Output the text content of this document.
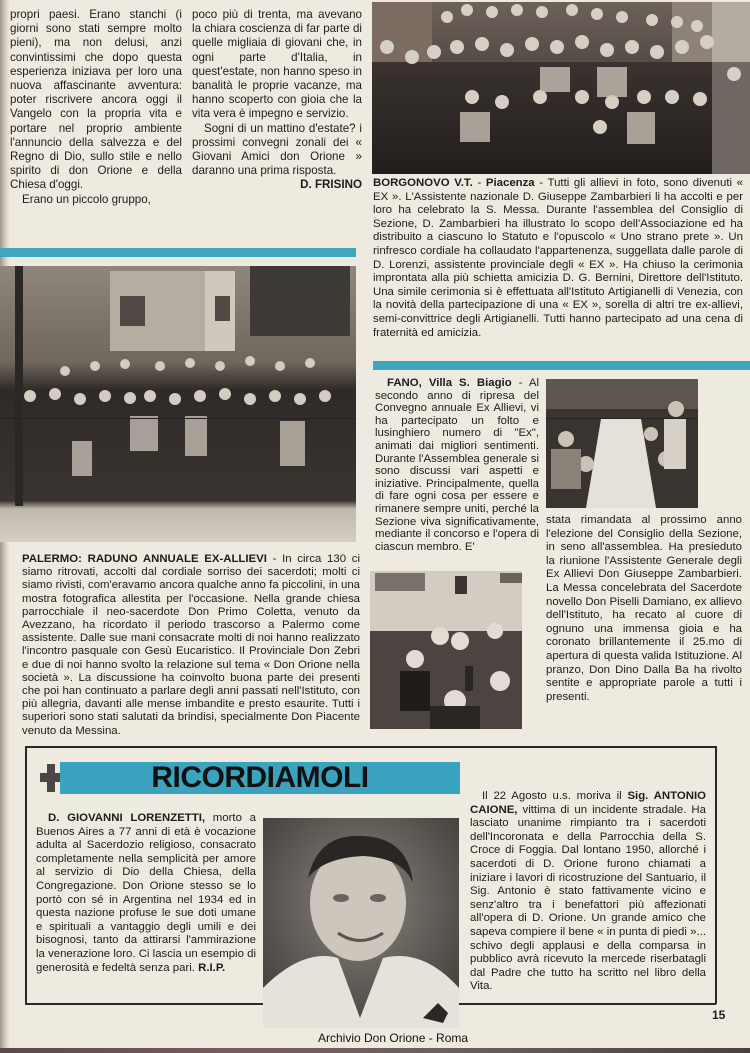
propri paesi. Erano stanchi (i giorni sono stati sempre molto pieni), ma non delusi, anzi convintissimi che dopo questa esperienza iniziava per loro una nuova affascinante avventura: poter riscrivere ancora oggi il Vangelo con la propria vita e portare nel proprio ambiente l'annuncio della salvezza e del Regno di Dio, sullo stile e nello spirito di don Orione e della Chiesa d'oggi.

Erano un piccolo gruppo,

poco più di trenta, ma avevano la chiara coscienza di far parte di quelle migliaia di giovani che, in ogni parte d'Italia, in quest'estate, non hanno speso in banalità le proprie vacanze, ma hanno scoperto con gioia che la vita vera è impegno e servizio.

Sogni di un mattino d'estate? i prossimi convegni zonali dei « Giovani Amici don Orione » daranno una prima risposta.

D. FRISINO BORGONOVO V.T. - Piacenza - Tutti gli allievi in foto, sono divenuti « EX ». L'Assistente nazionale D. Giuseppe Zambarbieri li ha accolti e per loro ha celebrato la S. Messa. Durante l'assemblea del Consiglio di Sezione, D. Zambarbieri ha illustrato lo scopo dell'Associazione ed ha distribuito a ciascuno lo Statuto e l'opuscolo « Uno strano prete ». Un rinfresco cordiale ha collaudato l'appartenenza, suggellata dalle parole di D. Lorenzi, assistente provinciale degli « EX ». Ha chiuso la cerimonia improntata alla più schietta amicizia D. G. Bernini, Direttore dell'Istituto. Una simile cerimonia si è effettuata all'Istituto Artigianelli di Venezia, con la novità della partecipazione di una « EX », sorella di altri tre ex-allievi, semi-convittrice degli Artigianelli. Tutti hanno partecipato ad una cena di fraternità ed amicizia.

PALERMO: RADUNO ANNUALE EX-ALLIEVI - In circa 130 ci siamo ritrovati, accolti dal cordiale sorriso dei sacerdoti; molti ci siamo rivisti, com'eravamo ancora qualche anno fa piccolini, in una mostra fotografica allestita per l'occasione. Nella grande chiesa parrocchiale il neo-sacerdote Don Primo Coletta, venuto da Avezzano, ha ricordato il periodo trascorso a Palermo come assistente. Dalle sue mani consacrate molti di noi hanno realizzato l'incontro pasquale con Gesù Eucaristico. Il Provinciale Don Zebri e due di noi hanno svolto la relazione sul tema « Don Orione nella società ». La discussione ha coinvolto buona parte dei presenti che poi han continuato a parlare degli anni passati nell'Istituto, con più allegria, davanti alle mense imbandite e presto esaurite. Tutti i superiori sono stati salutati da brindisi, specialmente Don Piacente venuto da Messina.

FANO, Villa S. Biagio - Al secondo anno di ripresa del Convegno annuale Ex Allievi, vi ha partecipato un folto e lusinghiero numero di "Ex", animati dai migliori sentimenti. Durante l'Assemblea generale si sono discussi vari aspetti e iniziative. Principalmente, quella di fare ogni cosa per essere e rimanere sempre uniti, perché la Sezione viva significativamente, mediante il concorso e l'opera di ciascun membro. E'

stata rimandata al prossimo anno l'elezione del Consiglio della Sezione, in seno all'assemblea. Ha presieduto la riunione l'Assistente Generale degli Ex Allievi Don Giuseppe Zambarbieri. La Messa concelebrata del Sacerdote novello Don Piselli Damiano, ex allievo dell'Istituto, ha recato al cuore di ognuno una immensa gioia e ha coronato brillantemente il 25.mo di apertura di questa valida Istituzione. Al pranzo, Don Dino Dalla Ba ha rivolto sentite e appropriate parole a tutti i presenti.

RICORDIAMOLI

D. GIOVANNI LORENZETTI, morto a Buenos Aires a 77 anni di età è vocazione adulta al Sacerdozio religioso, consacrato completamente nella semplicità per amore al servizio di Dio della Chiesa, della Congregazione. Don Orione stesso se lo portò con sé in Argentina nel 1934 ed in questa nazione profuse le sue doti umane e spirituali a vantaggio degli umili e dei bisognosi, tanto da attirarsi l'ammirazione la venerazione loro. Ci lascia un esempio di generosità e fedeltà senza pari. R.I.P.

Il 22 Agosto u.s. moriva il Sig. ANTONIO CAIONE, vittima di un incidente stradale. Ha lasciato unanime rimpianto tra i sacerdoti dell'Incoronata e della Parrocchia della S. Croce di Foggia. Dal lontano 1950, allorché i sacerdoti di D. Orione furono chiamati a iniziare i lavori di ricostruzione del Santuario, il Sig. Antonio è stato fattivamente vicino e senz'altro tra i benefattori più affezionati all'opera di D. Orione. Un grande amico che sapeva compiere il bene « in punta di piedi »... schivo degli applausi e della comparsa in pubblico avrà ricevuto la mercede riserbatagli dal Padre che tutto ha scritto nel libro della Vita.

15
Archivio Don Orione - Roma
